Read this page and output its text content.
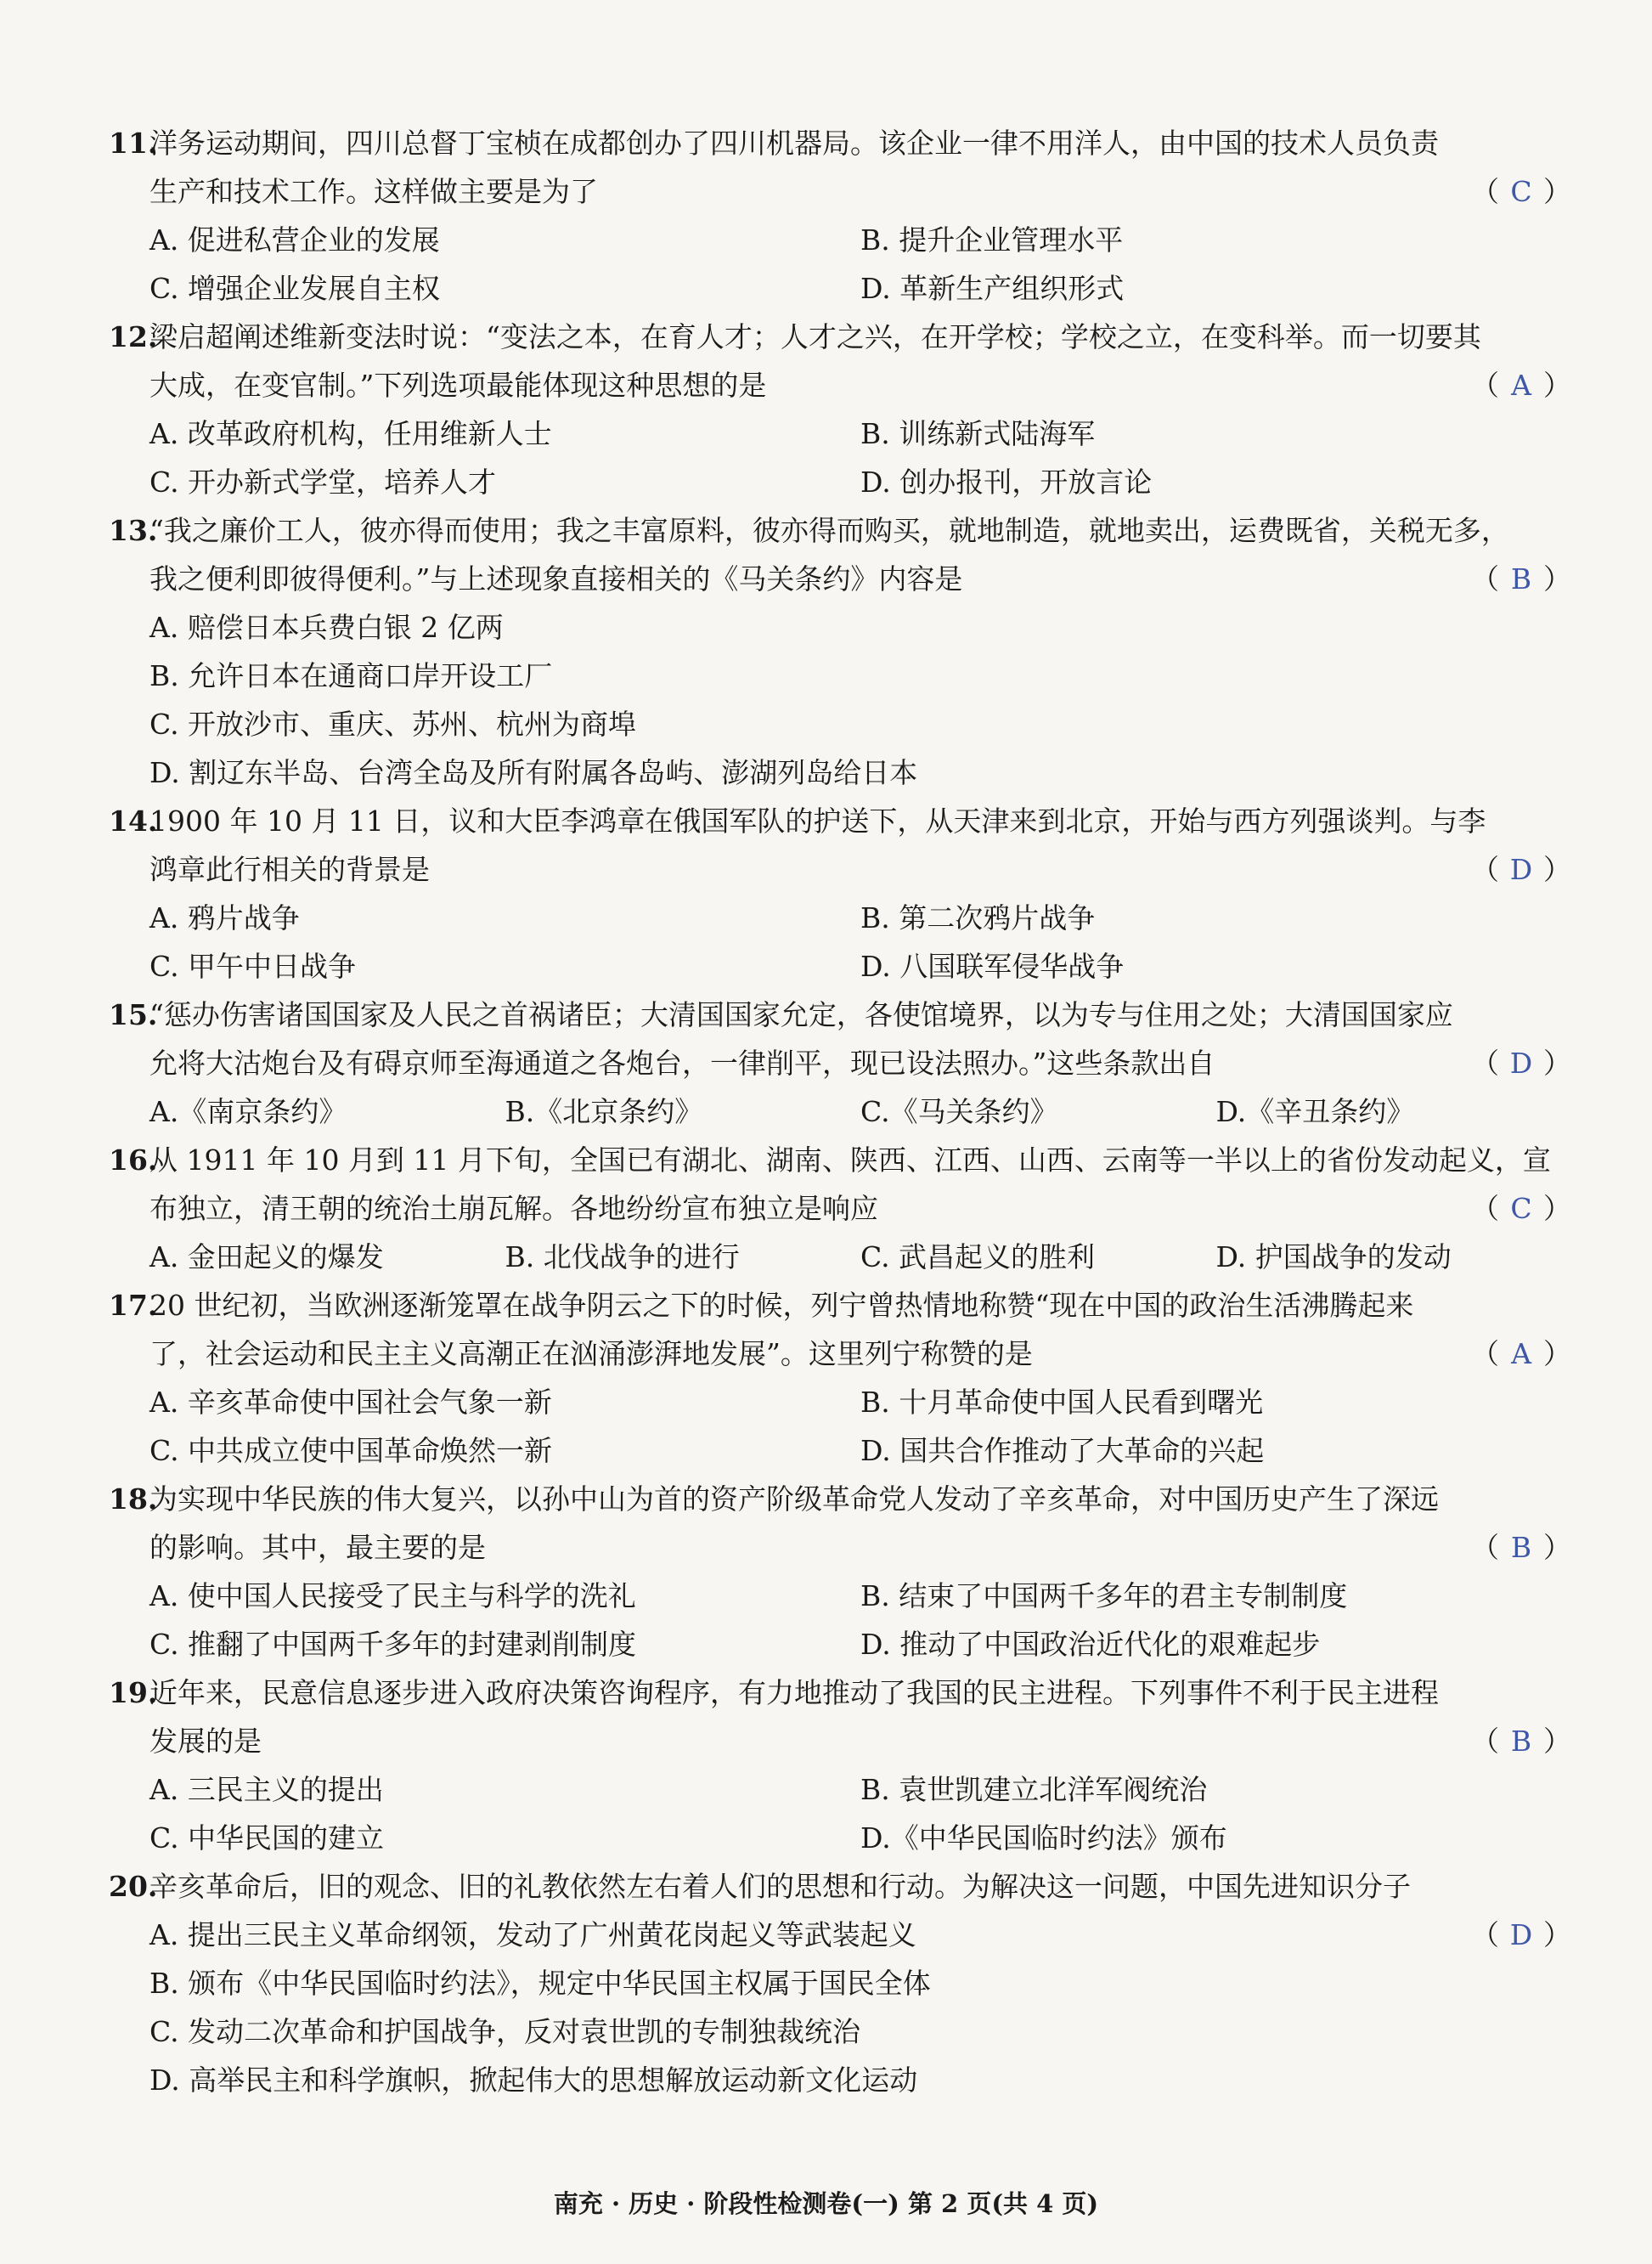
11.
洋务运动期间，四川总督丁宝桢在成都创办了四川机器局。该企业一律不用洋人，由中国的技术人员负责
生产和技术工作。这样做主要是为了	（ C ）
A. 促进私营企业的发展	B. 提升企业管理水平
C. 增强企业发展自主权	D. 革新生产组织形式
12.
梁启超阐述维新变法时说：“变法之本，在育人才；人才之兴，在开学校；学校之立，在变科举。而一切要其
大成，在变官制。”下列选项最能体现这种思想的是	（ A ）
A. 改革政府机构，任用维新人士	B. 训练新式陆海军
C. 开办新式学堂，培养人才	D. 创办报刊，开放言论
13.
“我之廉价工人，彼亦得而使用；我之丰富原料，彼亦得而购买，就地制造，就地卖出，运费既省，关税无多，
我之便利即彼得便利。”与上述现象直接相关的《马关条约》内容是	（ B ）
A. 赔偿日本兵费白银 2 亿两
B. 允许日本在通商口岸开设工厂
C. 开放沙市、重庆、苏州、杭州为商埠
D. 割辽东半岛、台湾全岛及所有附属各岛屿、澎湖列岛给日本
14.
1900 年 10 月 11 日，议和大臣李鸿章在俄国军队的护送下，从天津来到北京，开始与西方列强谈判。与李
鸿章此行相关的背景是	（ D ）
A. 鸦片战争	B. 第二次鸦片战争
C. 甲午中日战争	D. 八国联军侵华战争
15.
“惩办伤害诸国国家及人民之首祸诸臣；大清国国家允定，各使馆境界，以为专与住用之处；大清国国家应
允将大沽炮台及有碍京师至海通道之各炮台，一律削平，现已设法照办。”这些条款出自	（ D ）
A.《南京条约》	B.《北京条约》	C.《马关条约》	D.《辛丑条约》
16.
从 1911 年 10 月到 11 月下旬，全国已有湖北、湖南、陕西、江西、山西、云南等一半以上的省份发动起义，宣
布独立，清王朝的统治土崩瓦解。各地纷纷宣布独立是响应	（ C ）
A. 金田起义的爆发	B. 北伐战争的进行	C. 武昌起义的胜利	D. 护国战争的发动
17.
20 世纪初，当欧洲逐渐笼罩在战争阴云之下的时候，列宁曾热情地称赞“现在中国的政治生活沸腾起来
了，社会运动和民主主义高潮正在汹涌澎湃地发展”。这里列宁称赞的是	（ A ）
A. 辛亥革命使中国社会气象一新	B. 十月革命使中国人民看到曙光
C. 中共成立使中国革命焕然一新	D. 国共合作推动了大革命的兴起
18.
为实现中华民族的伟大复兴，以孙中山为首的资产阶级革命党人发动了辛亥革命，对中国历史产生了深远
的影响。其中，最主要的是	（ B ）
A. 使中国人民接受了民主与科学的洗礼	B. 结束了中国两千多年的君主专制制度
C. 推翻了中国两千多年的封建剥削制度	D. 推动了中国政治近代化的艰难起步
19.
近年来，民意信息逐步进入政府决策咨询程序，有力地推动了我国的民主进程。下列事件不利于民主进程
发展的是	（ B ）
A. 三民主义的提出	B. 袁世凯建立北洋军阀统治
C. 中华民国的建立	D.《中华民国临时约法》颁布
20.
辛亥革命后，旧的观念、旧的礼教依然左右着人们的思想和行动。为解决这一问题，中国先进知识分子
（ D ）
A. 提出三民主义革命纲领，发动了广州黄花岗起义等武装起义
B. 颁布《中华民国临时约法》，规定中华民国主权属于国民全体
C. 发动二次革命和护国战争，反对袁世凯的专制独裁统治
D. 高举民主和科学旗帜，掀起伟大的思想解放运动新文化运动
南充 · 历史 · 阶段性检测卷(一) 第 2 页(共 4 页)
